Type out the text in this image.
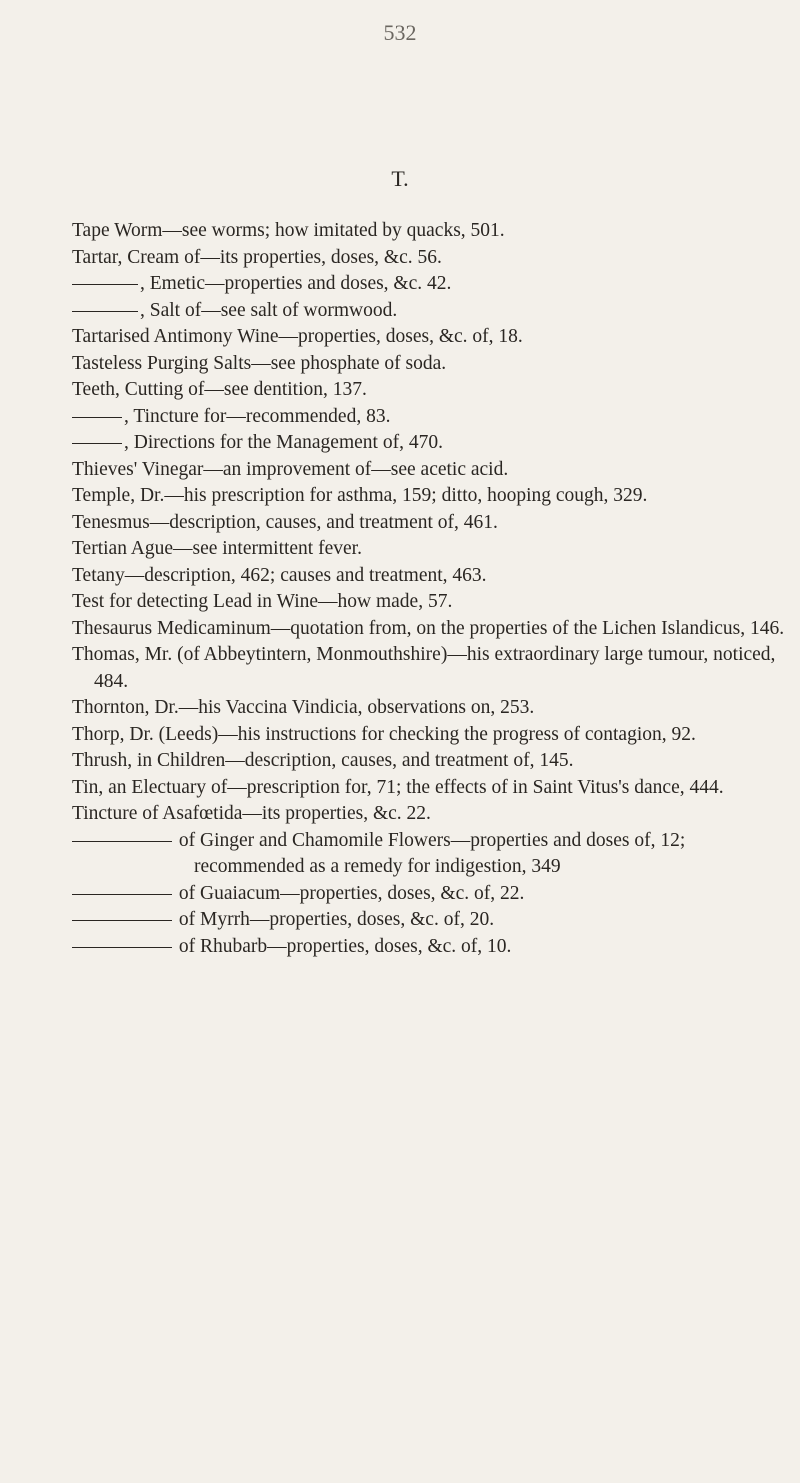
532
T.

Tape Worm—see worms; how imitated by quacks, 501.

Tartar, Cream of—its properties, doses, &c. 56.

, Emetic—properties and doses, &c. 42.

, Salt of—see salt of wormwood.

Tartarised Antimony Wine—properties, doses, &c. of, 18.

Tasteless Purging Salts—see phosphate of soda.

Teeth, Cutting of—see dentition, 137.

, Tincture for—recommended, 83.

, Directions for the Management of, 470.

Thieves' Vinegar—an improvement of—see acetic acid.

Temple, Dr.—his prescription for asthma, 159; ditto, hooping cough, 329.

Tenesmus—description, causes, and treatment of, 461.

Tertian Ague—see intermittent fever.

Tetany—description, 462; causes and treatment, 463.

Test for detecting Lead in Wine—how made, 57.

Thesaurus Medicaminum—quotation from, on the properties of the Lichen Islandicus, 146.

Thomas, Mr. (of Abbeytintern, Monmouthshire)—his extraordinary large tumour, noticed, 484.

Thornton, Dr.—his Vaccina Vindicia, observations on, 253.

Thorp, Dr. (Leeds)—his instructions for checking the progress of contagion, 92.

Thrush, in Children—description, causes, and treatment of, 145.

Tin, an Electuary of—prescription for, 71; the effects of in Saint Vitus's dance, 444.

Tincture of Asafœtida—its properties, &c. 22.

of Ginger and Chamomile Flowers—properties and doses of, 12; recommended as a remedy for indigestion, 349

of Guaiacum—properties, doses, &c. of, 22.

of Myrrh—properties, doses, &c. of, 20.

of Rhubarb—properties, doses, &c. of, 10.
